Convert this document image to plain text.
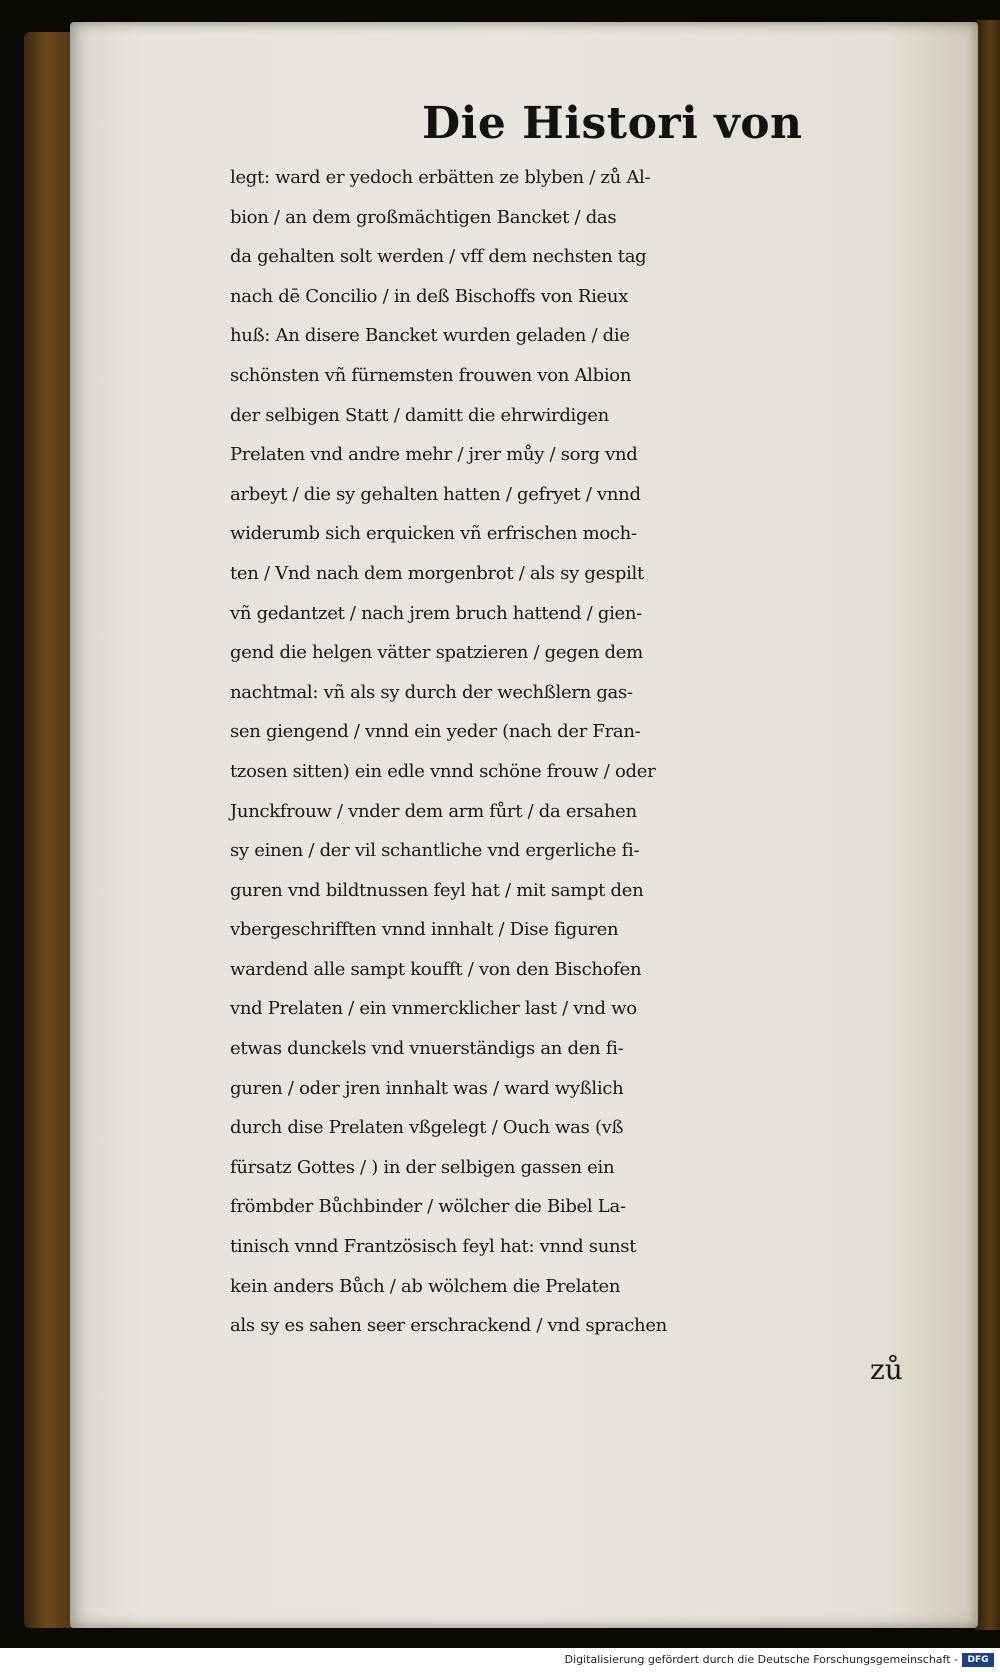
Die Histori von
legt: ward er yedoch erbätten ze blyben / zů Al-
bion / an dem großmächtigen Bancket / das
da gehalten solt werden / vff dem nechsten tag
nach dē Concilio / in deß Bischoffs von Rieux
huß: An disere Bancket wurden geladen / die
schönsten vñ fürnemsten frouwen von Albion
der selbigen Statt / damitt die ehrwirdigen
Prelaten vnd andre mehr / jrer můy / sorg vnd
arbeyt / die sy gehalten hatten / gefryet / vnnd
widerumb sich erquicken vñ erfrischen moch-
ten / Vnd nach dem morgenbrot / als sy gespilt
vñ gedantzet / nach jrem bruch hattend / gien-
gend die helgen vätter spatzieren / gegen dem
nachtmal: vñ als sy durch der wechßlern gas-
sen giengend / vnnd ein yeder (nach der Fran-
tzosen sitten) ein edle vnnd schöne frouw / oder
Junckfrouw / vnder dem arm fůrt / da ersahen
sy einen / der vil schantliche vnd ergerliche fi-
guren vnd bildtnussen feyl hat / mit sampt den
vbergeschrifften vnnd innhalt / Dise figuren
wardend alle sampt koufft / von den Bischofen
vnd Prelaten / ein vnmercklicher last / vnd wo
etwas dunckels vnd vnuerständigs an den fi-
guren / oder jren innhalt was / ward wyßlich
durch dise Prelaten vßgelegt / Ouch was (vß
fürsatz Gottes / ) in der selbigen gassen ein
frömbder Bůchbinder / wölcher die Bibel La-
tinisch vnnd Frantzösisch feyl hat: vnnd sunst
kein anders Bůch / ab wölchem die Prelaten
als sy es sahen seer erschrackend / vnd sprachen
zů
Digitalisierung gefördert durch die Deutsche Forschungsgemeinschaft -	DFG
